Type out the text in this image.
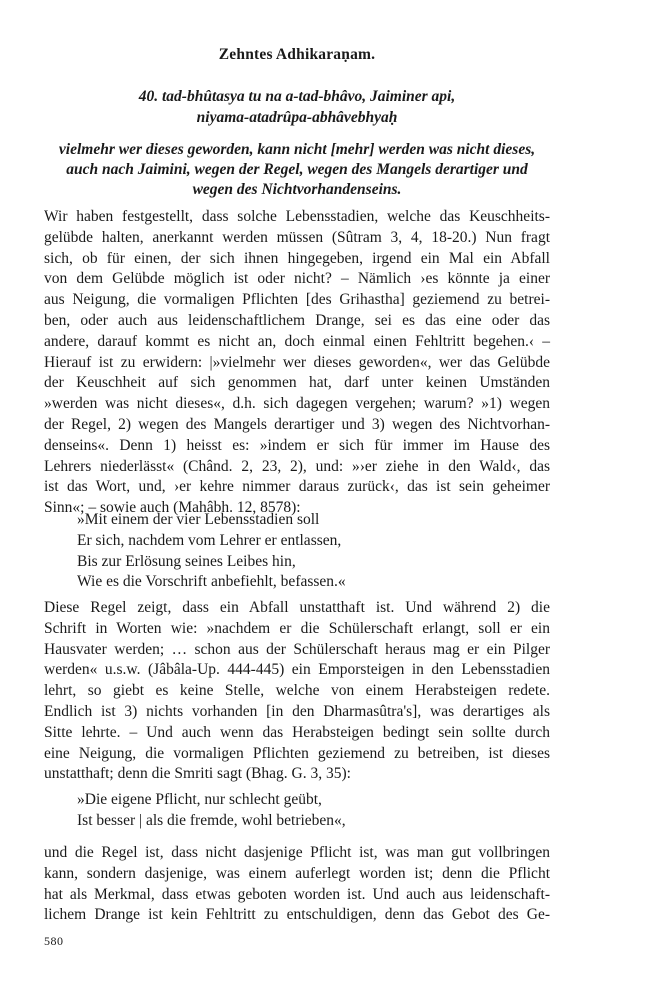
Zehntes Adhikaraṇam.
40. tad-bhûtasya tu na a-tad-bhâvo, Jaiminer api,
niyama-atadrûpa-abhâvebhyaḥ
vielmehr wer dieses geworden, kann nicht [mehr] werden was nicht dieses,
auch nach Jaimini, wegen der Regel, wegen des Mangels derartiger und
wegen des Nichtvorhandenseins.
Wir haben festgestellt, dass solche Lebensstadien, welche das Keuschheits-
gelübde halten, anerkannt werden müssen (Sûtram 3, 4, 18-20.) Nun fragt
sich, ob für einen, der sich ihnen hingegeben, irgend ein Mal ein Abfall
von dem Gelübde möglich ist oder nicht? – Nämlich ›es könnte ja einer
aus Neigung, die vormaligen Pflichten [des Grihastha] geziemend zu betrei-
ben, oder auch aus leidenschaftlichem Drange, sei es das eine oder das
andere, darauf kommt es nicht an, doch einmal einen Fehltritt begehen.‹ –
Hierauf ist zu erwidern: |»vielmehr wer dieses geworden«, wer das Gelübde
der Keuschheit auf sich genommen hat, darf unter keinen Umständen
»werden was nicht dieses«, d.h. sich dagegen vergehen; warum? »1) wegen
der Regel, 2) wegen des Mangels derartiger und 3) wegen des Nichtvorhan-
denseins«. Denn 1) heisst es: »indem er sich für immer im Hause des
Lehrers niederlässt« (Chând. 2, 23, 2), und: »›er ziehe in den Wald‹, das
ist das Wort, und, ›er kehre nimmer daraus zurück‹, das ist sein geheimer
Sinn«; – sowie auch (Mahâbh. 12, 8578):
»Mit einem der vier Lebensstadien soll
Er sich, nachdem vom Lehrer er entlassen,
Bis zur Erlösung seines Leibes hin,
Wie es die Vorschrift anbefiehlt, befassen.«
Diese Regel zeigt, dass ein Abfall unstatthaft ist. Und während 2) die
Schrift in Worten wie: »nachdem er die Schülerschaft erlangt, soll er ein
Hausvater werden; … schon aus der Schülerschaft heraus mag er ein Pilger
werden« u.s.w. (Jâbâla-Up. 444-445) ein Emporsteigen in den Lebensstadien
lehrt, so giebt es keine Stelle, welche von einem Herabsteigen redete.
Endlich ist 3) nichts vorhanden [in den Dharmasûtra's], was derartiges als
Sitte lehrte. – Und auch wenn das Herabsteigen bedingt sein sollte durch
eine Neigung, die vormaligen Pflichten geziemend zu betreiben, ist dieses
unstatthaft; denn die Smriti sagt (Bhag. G. 3, 35):
»Die eigene Pflicht, nur schlecht geübt,
Ist besser | als die fremde, wohl betrieben«,
und die Regel ist, dass nicht dasjenige Pflicht ist, was man gut vollbringen
kann, sondern dasjenige, was einem auferlegt worden ist; denn die Pflicht
hat als Merkmal, dass etwas geboten worden ist. Und auch aus leidenschaft-
lichem Drange ist kein Fehltritt zu entschuldigen, denn das Gebot des Ge-
580
